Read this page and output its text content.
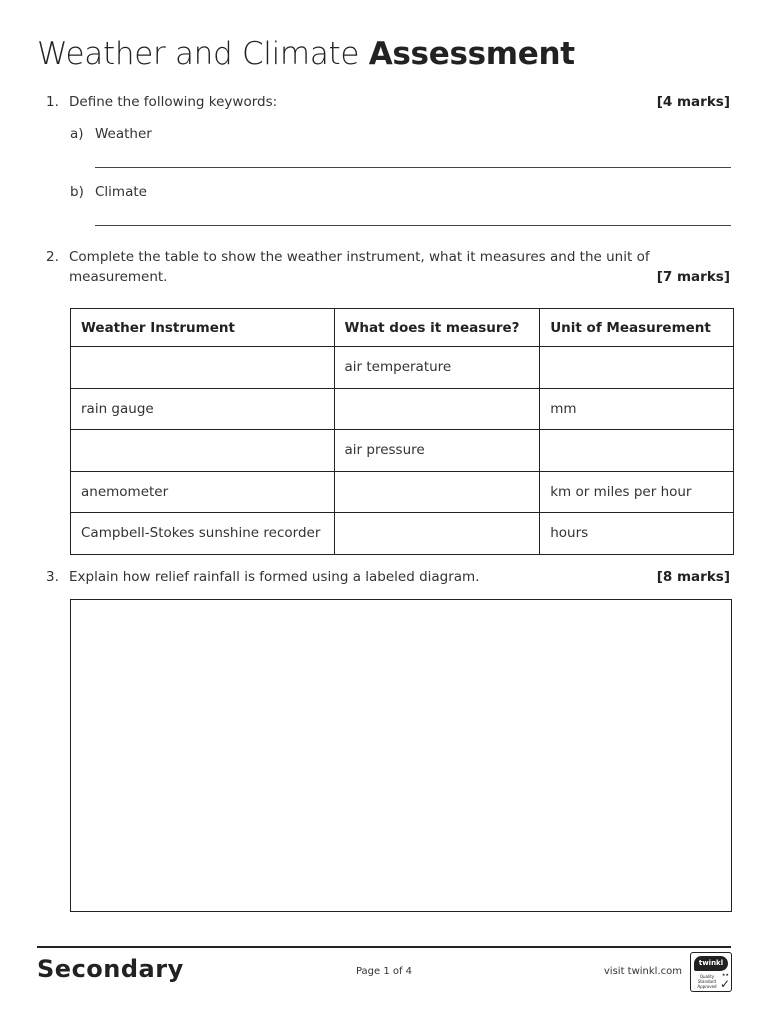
Weather and Climate Assessment
1. Define the following keywords:	[4 marks]
a) Weather
b) Climate
2. Complete the table to show the weather instrument, what it measures and the unit of
measurement.	[7 marks]
Weather Instrument	What does it measure?	Unit of Measurement
	air temperature	
rain gauge		mm
	air pressure	
anemometer		km or miles per hour
Campbell-Stokes sunshine recorder		hours
3. Explain how relief rainfall is formed using a labeled diagram.	[8 marks]
Secondary	Page 1 of 4	visit twinkl.com
twinkl
★★
Quality Standard Approved ✓
